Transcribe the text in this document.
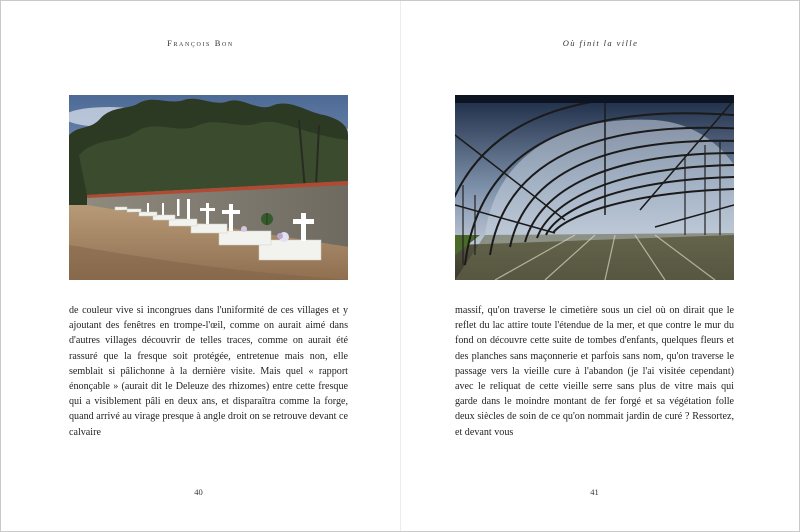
François Bon

de couleur vive si incongrues dans l'uniformité de ces villages et y ajoutant des fenêtres en trompe-l'œil, comme on aurait aimé dans d'autres villages découvrir de telles traces, comme on aurait été rassuré que la fresque soit protégée, entretenue mais non, elle semblait si pâlichonne à la dernière visite. Mais quel « rapport énonçable » (aurait dit le Deleuze des rhizomes) entre cette fresque qui a visiblement pâli en deux ans, et disparaîtra comme la forge, quand arrivé au virage presque à angle droit on se retrouve devant ce calvaire

40
Où finit la ville

massif, qu'on traverse le cimetière sous un ciel où on dirait que le reflet du lac attire toute l'étendue de la mer, et que contre le mur du fond on découvre cette suite de tombes d'enfants, quelques fleurs et des planches sans maçonnerie et parfois sans nom, qu'on traverse le passage vers la vieille cure à l'abandon (je l'ai visitée cependant) avec le reliquat de cette vieille serre sans plus de vitre mais qui garde dans le moindre montant de fer forgé et sa végétation folle deux siècles de soin de ce qu'on nommait jardin de curé ? Ressortez, et devant vous

41
